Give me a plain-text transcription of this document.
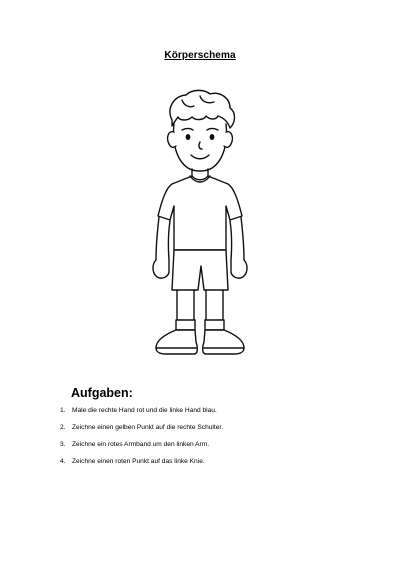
Körperschema
Aufgaben:
1. Male die rechte Hand rot und die linke Hand blau.
2. Zeichne einen gelben Punkt auf die rechte Schulter.
3. Zeichne ein rotes Armband um den linken Arm.
4. Zeichne einen roten Punkt auf das linke Knie.
